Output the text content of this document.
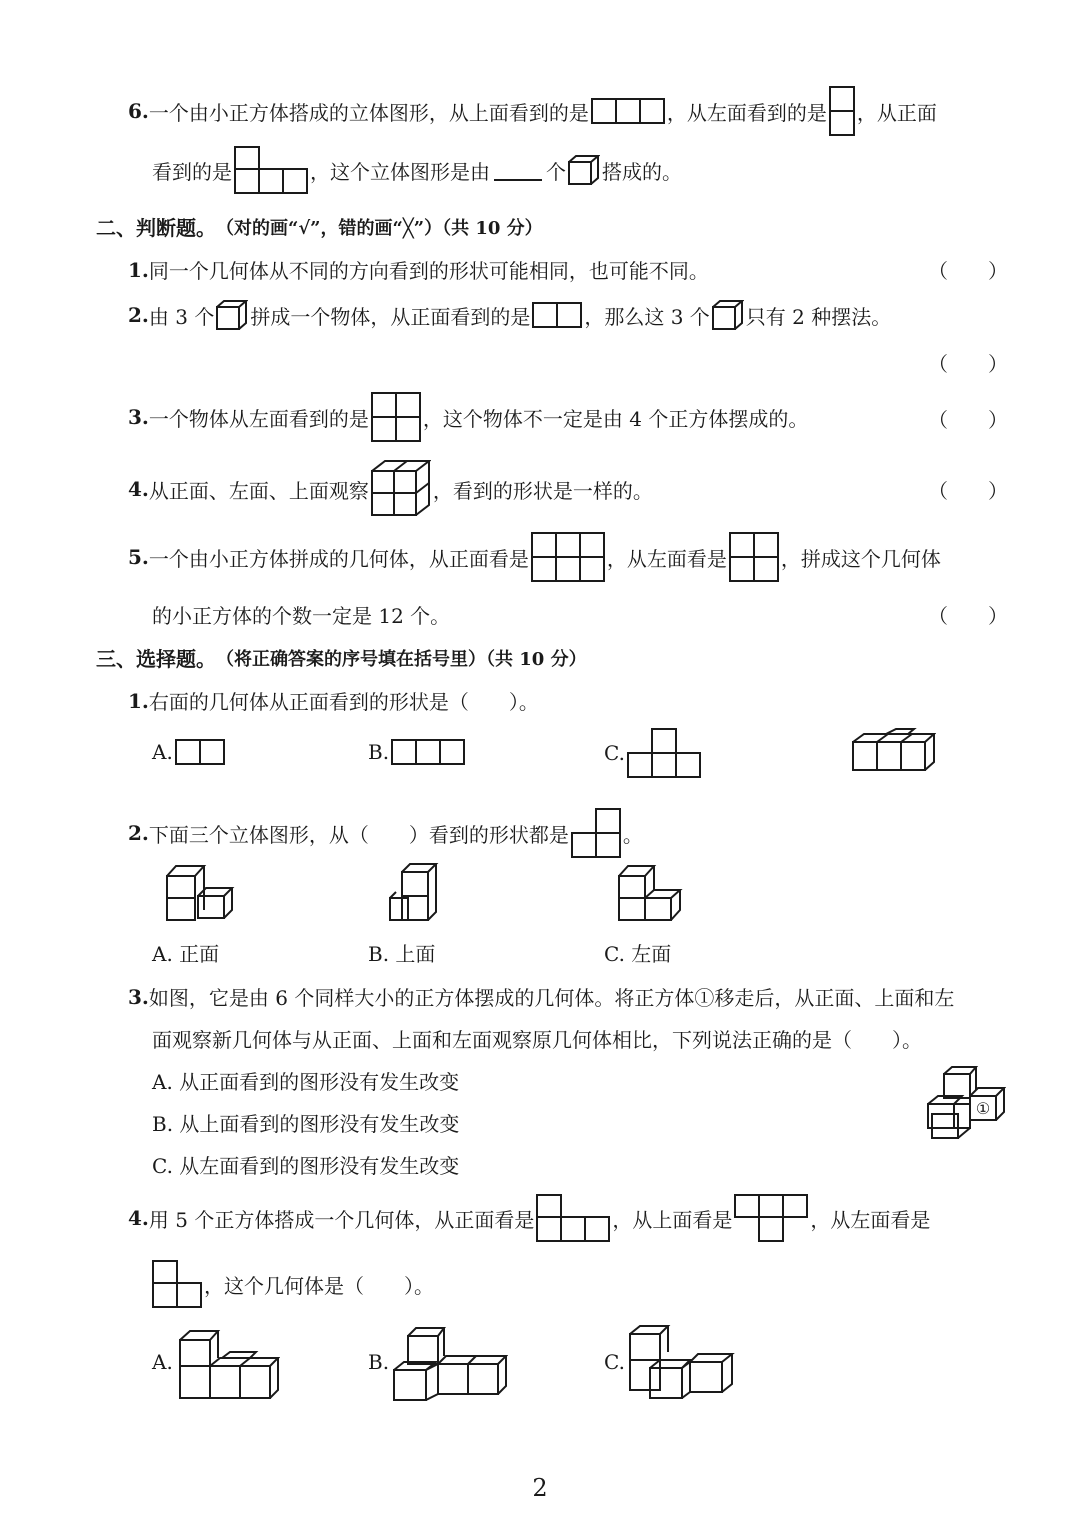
6. 一个由小正方体搭成的立体图形，从上面看到的是	，从左面看到的是 ，从正面
看到的是	，这个立体图形是由	个 搭成的。
二、判断题。 （对的画“√”，错的画“╳”）（共 10 分）
1. 同一个几何体从不同的方向看到的形状可能相同，也可能不同。	（　　）
2. 由 3 个 拼成一个物体，从正面看到的是	，那么这 3 个 只有 2 种摆法。
（　　）
3. 一个物体从左面看到的是	，这个物体不一定是由 4 个正方体摆成的。	（　　）
4. 从正面、左面、上面观察	，看到的形状是一样的。	（　　）
5. 一个由小正方体拼成的几何体，从正面看是	，从左面看是	，拼成这个几何体
的小正方体的个数一定是 12 个。	（　　）
三、选择题。 （将正确答案的序号填在括号里）（共 10 分）
1. 右面的几何体从正面看到的形状是（　　）。
A.	B.	C.
2. 下面三个立体图形，从（　　）看到的形状都是	。
A. 正面	B. 上面	C. 左面
3. 如图，它是由 6 个同样大小的正方体摆成的几何体。将正方体①移走后，从正面、上面和左
面观察新几何体与从正面、上面和左面观察原几何体相比，下列说法正确的是（　　）。
A. 从正面看到的图形没有发生改变
B. 从上面看到的图形没有发生改变
C. 从左面看到的图形没有发生改变
①
4. 用 5 个正方体搭成一个几何体，从正面看是	，从上面看是	，从左面看是
，这个几何体是（　　）。
A.	B.	C.
2
